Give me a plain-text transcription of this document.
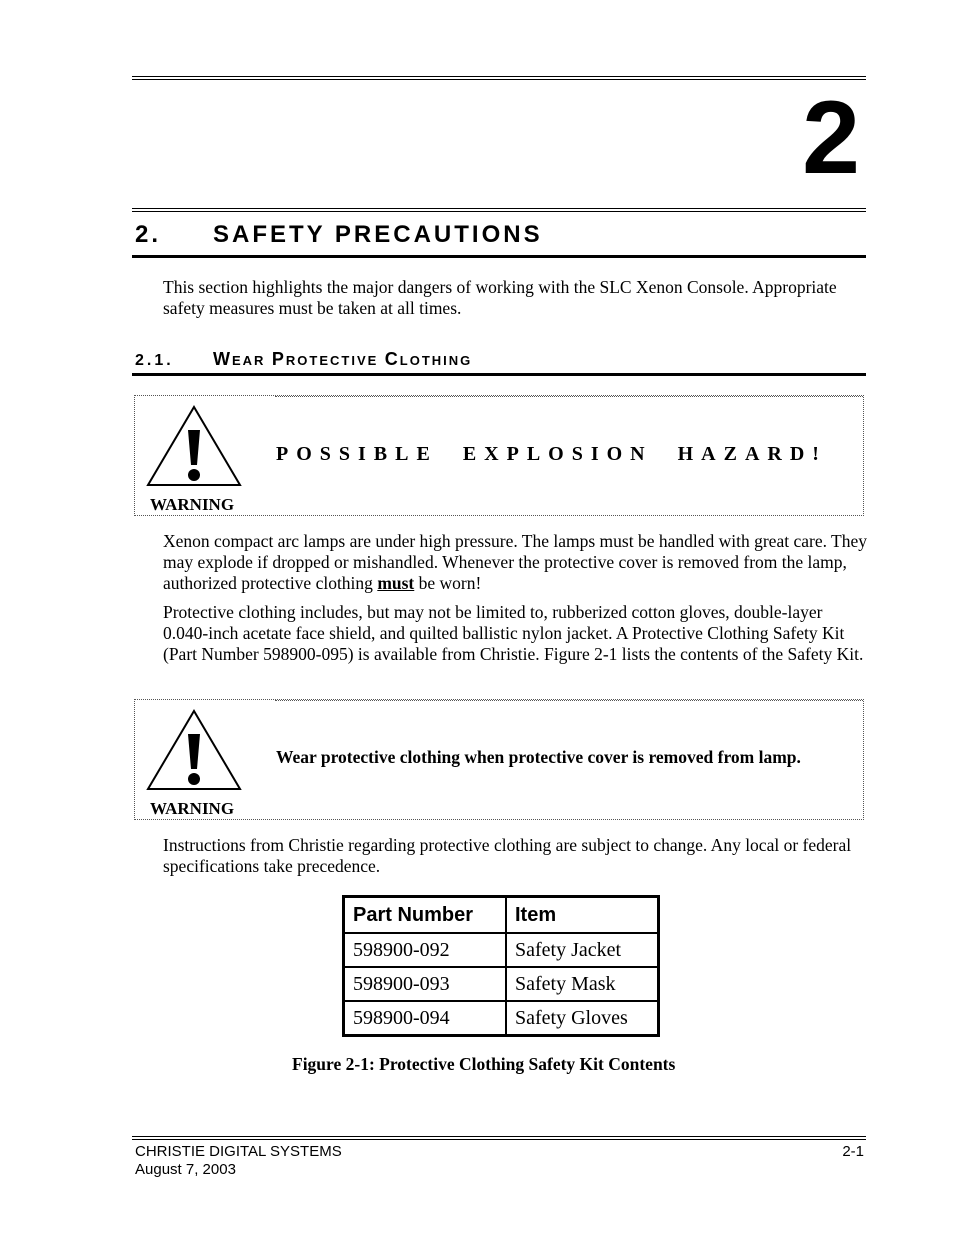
2
2. SAFETY PRECAUTIONS
This section highlights the major dangers of working with the SLC Xenon Console. Appropriate safety measures must be taken at all times.
2.1. WEAR PROTECTIVE CLOTHING
WARNING
POSSIBLE EXPLOSION HAZARD!
Xenon compact arc lamps are under high pressure. The lamps must be handled with great care. They may explode if dropped or mishandled. Whenever the protective cover is removed from the lamp, authorized protective clothing must be worn!
Protective clothing includes, but may not be limited to, rubberized cotton gloves, double-layer 0.040-inch acetate face shield, and quilted ballistic nylon jacket. A Protective Clothing Safety Kit (Part Number 598900-095) is available from Christie. Figure 2-1 lists the contents of the Safety Kit.
WARNING
Wear protective clothing when protective cover is removed from lamp.
Instructions from Christie regarding protective clothing are subject to change. Any local or federal specifications take precedence.
Part Number	Item
598900-092	Safety Jacket
598900-093	Safety Mask
598900-094	Safety Gloves
Figure 2-1: Protective Clothing Safety Kit Contents
CHRISTIE DIGITAL SYSTEMS
August 7, 2003
2-1
